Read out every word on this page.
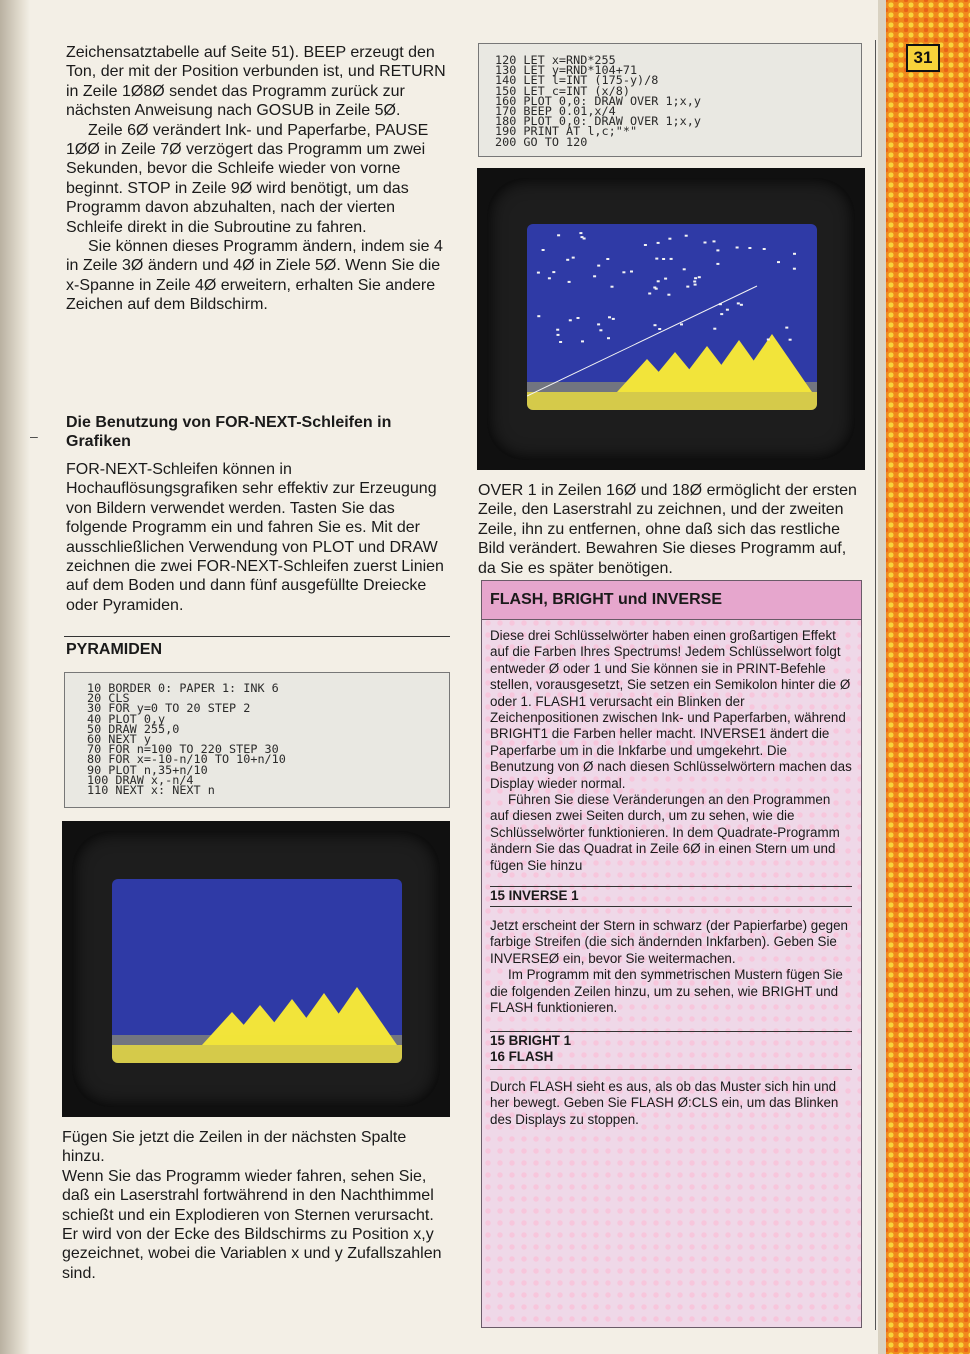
31

Zeichensatztabelle auf Seite 51). BEEP erzeugt den Ton, der mit der Position verbunden ist, und RETURN in Zeile 1Ø8Ø sendet das Programm zurück zur nächsten Anweisung nach GOSUB in Zeile 5Ø.

Zeile 6Ø verändert Ink- und Paperfarbe, PAUSE 1ØØ in Zeile 7Ø verzögert das Programm um zwei Sekunden, bevor die Schleife wieder von vorne beginnt. STOP in Zeile 9Ø wird benötigt, um das Programm davon abzuhalten, nach der vierten Schleife direkt in die Subroutine zu fahren.

Sie können dieses Programm ändern, indem sie 4 in Zeile 3Ø ändern und 4Ø in Ziele 5Ø. Wenn Sie die x-Spanne in Zeile 4Ø erweitern, erhalten Sie andere Zeichen auf dem Bildschirm.

–
Die Benutzung von FOR-NEXT-Schleifen in Grafiken

FOR-NEXT-Schleifen können in Hochauflösungsgrafiken sehr effektiv zur Erzeugung von Bildern verwendet werden. Tasten Sie das folgende Programm ein und fahren Sie es. Mit der ausschließlichen Verwendung von PLOT und DRAW zeichnen die zwei FOR-NEXT-Schleifen zuerst Linien auf dem Boden und dann fünf ausgefüllte Dreiecke oder Pyramiden.

PYRAMIDEN
10 BORDER 0: PAPER 1: INK 6
20 CLS
30 FOR y=0 TO 20 STEP 2
40 PLOT 0,y
50 DRAW 255,0
60 NEXT y
70 FOR n=100 TO 220 STEP 30
80 FOR x=-10-n/10 TO 10+n/10
90 PLOT n,35+n/10
100 DRAW x,-n/4
110 NEXT x: NEXT n

Fügen Sie jetzt die Zeilen in der nächsten Spalte hinzu.

Wenn Sie das Programm wieder fahren, sehen Sie, daß ein Laserstrahl fortwährend in den Nachthimmel schießt und ein Explodieren von Sternen verursacht. Er wird von der Ecke des Bildschirms zu Position x,y gezeichnet, wobei die Variablen x und y Zufallszahlen sind.

120 LET x=RND*255
130 LET y=RND*104+71
140 LET l=INT (175-y)/8
150 LET c=INT (x/8)
160 PLOT 0,0: DRAW OVER 1;x,y
170 BEEP 0.01,x/4
180 PLOT 0,0: DRAW OVER 1;x,y
190 PRINT AT l,c;"*"
200 GO TO 120

OVER 1 in Zeilen 16Ø und 18Ø ermöglicht der ersten Zeile, den Laserstrahl zu zeichnen, und der zweiten Zeile, ihn zu entfernen, ohne daß sich das restliche Bild verändert. Bewahren Sie dieses Programm auf, da Sie es später benötigen.

FLASH, BRIGHT und INVERSE

Diese drei Schlüsselwörter haben einen großartigen Effekt auf die Farben Ihres Spectrums! Jedem Schlüsselwort folgt entweder Ø oder 1 und Sie können sie in PRINT-Befehle stellen, vorausgesetzt, Sie setzen ein Semikolon hinter die Ø oder 1. FLASH1 verursacht ein Blinken der Zeichenpositionen zwischen Ink- und Paperfarben, während BRIGHT1 die Farben heller macht. INVERSE1 ändert die Paperfarbe um in die Inkfarbe und umgekehrt. Die Benutzung von Ø nach diesen Schlüsselwörtern machen das Display wieder normal.

Führen Sie diese Veränderungen an den Programmen auf diesen zwei Seiten durch, um zu sehen, wie die Schlüsselwörter funktionieren. In dem Quadrate-Programm ändern Sie das Quadrat in Zeile 6Ø in einen Stern um und fügen Sie hinzu

15 INVERSE 1

Jetzt erscheint der Stern in schwarz (der Papierfarbe) gegen farbige Streifen (die sich ändernden Inkfarben). Geben Sie INVERSEØ ein, bevor Sie weitermachen.

Im Programm mit den symmetrischen Mustern fügen Sie die folgenden Zeilen hinzu, um zu sehen, wie BRIGHT und FLASH funktionieren.

15 BRIGHT 1
16 FLASH

Durch FLASH sieht es aus, als ob das Muster sich hin und her bewegt. Geben Sie FLASH Ø:CLS ein, um das Blinken des Displays zu stoppen.
